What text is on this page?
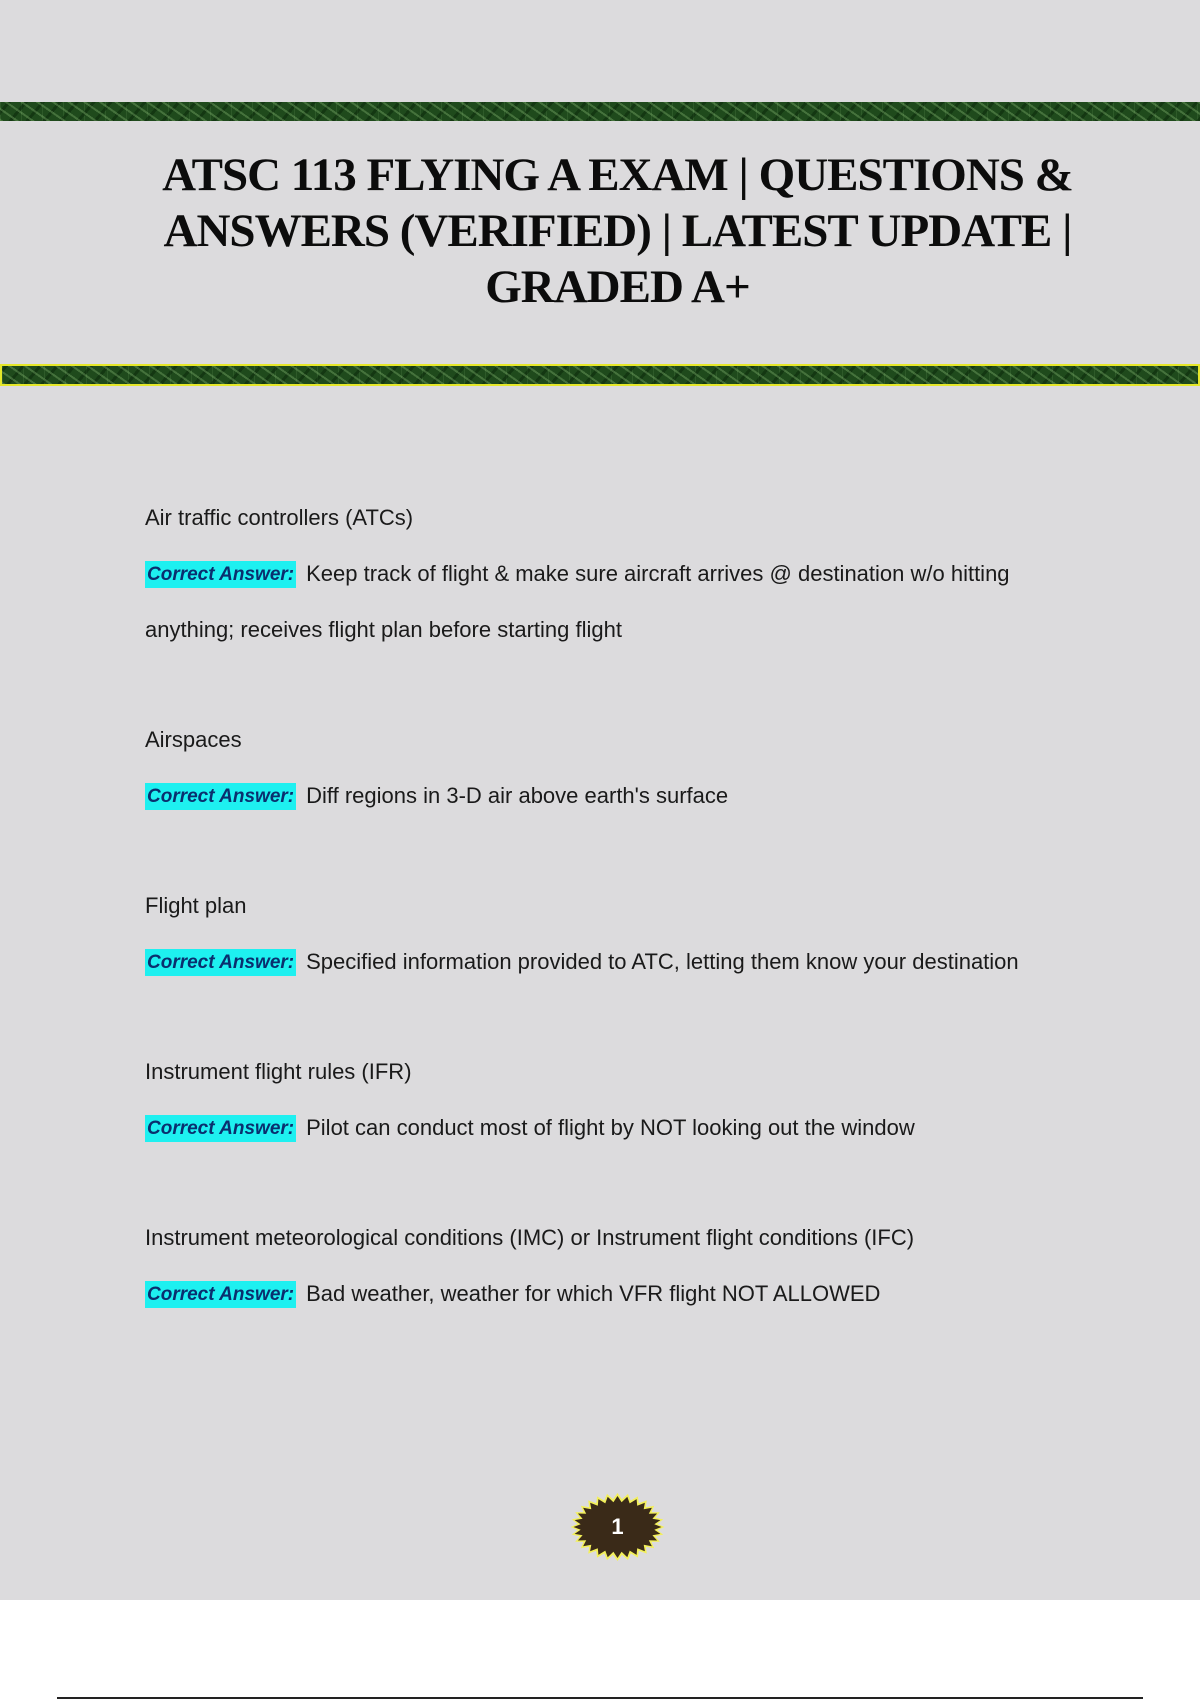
ATSC 113 FLYING A EXAM | QUESTIONS & ANSWERS (VERIFIED) | LATEST UPDATE | GRADED A+

Air traffic controllers (ATCs)

Correct Answer: Keep track of flight & make sure aircraft arrives @ destination w/o hitting anything; receives flight plan before starting flight

Airspaces

Correct Answer: Diff regions in 3-D air above earth's surface

Flight plan

Correct Answer: Specified information provided to ATC, letting them know your destination

Instrument flight rules (IFR)

Correct Answer: Pilot can conduct most of flight by NOT looking out the window

Instrument meteorological conditions (IMC) or Instrument flight conditions (IFC)

Correct Answer: Bad weather, weather for which VFR flight NOT ALLOWED

1
